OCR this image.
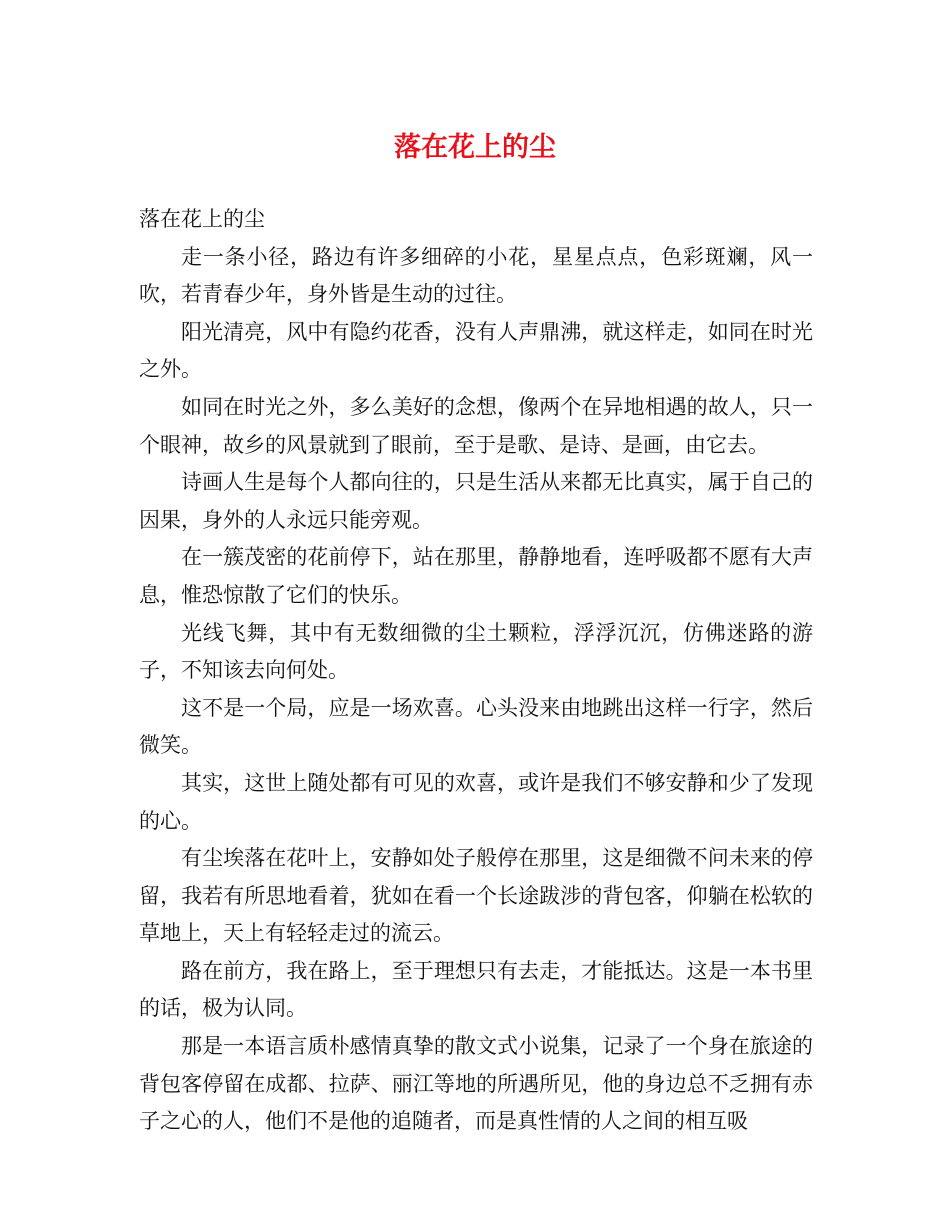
落在花上的尘

落在花上的尘

走一条小径，路边有许多细碎的小花，星星点点，色彩斑斓，风一吹，若青春少年，身外皆是生动的过往。

阳光清亮，风中有隐约花香，没有人声鼎沸，就这样走，如同在时光之外。

如同在时光之外，多么美好的念想，像两个在异地相遇的故人，只一个眼神，故乡的风景就到了眼前，至于是歌、是诗、是画，由它去。

诗画人生是每个人都向往的，只是生活从来都无比真实，属于自己的因果，身外的人永远只能旁观。

在一簇茂密的花前停下，站在那里，静静地看，连呼吸都不愿有大声息，惟恐惊散了它们的快乐。

光线飞舞，其中有无数细微的尘土颗粒，浮浮沉沉，仿佛迷路的游子，不知该去向何处。

这不是一个局，应是一场欢喜。心头没来由地跳出这样一行字，然后微笑。

其实，这世上随处都有可见的欢喜，或许是我们不够安静和少了发现的心。

有尘埃落在花叶上，安静如处子般停在那里，这是细微不问未来的停留，我若有所思地看着，犹如在看一个长途跋涉的背包客，仰躺在松软的草地上，天上有轻轻走过的流云。

路在前方，我在路上，至于理想只有去走，才能抵达。这是一本书里的话，极为认同。

那是一本语言质朴感情真挚的散文式小说集，记录了一个身在旅途的背包客停留在成都、拉萨、丽江等地的所遇所见，他的身边总不乏拥有赤子之心的人，他们不是他的追随者，而是真性情的人之间的相互吸
